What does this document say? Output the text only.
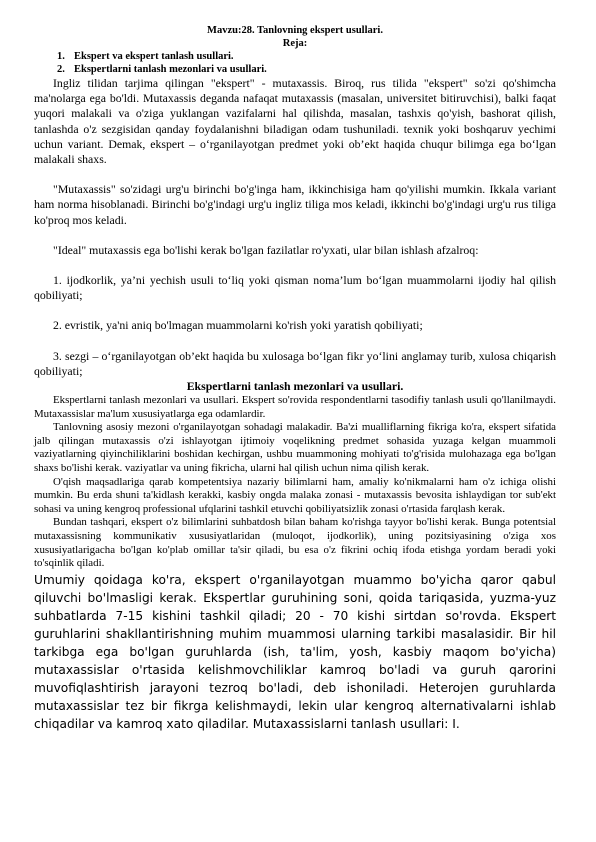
Mavzu:28. Tanlovning ekspert usullari.
Reja:
1. Ekspert va ekspert tanlash usullari.
2. Ekspertlarni tanlash mezonlari va usullari.

Ingliz tilidan tarjima qilingan "ekspert" - mutaxassis. Biroq, rus tilida "ekspert" so'zi qo'shimcha ma'nolarga ega bo'ldi. Mutaxassis deganda nafaqat mutaxassis (masalan, universitet bitiruvchisi), balki faqat yuqori malakali va o'ziga yuklangan vazifalarni hal qilishda, masalan, tashxis qo'yish, bashorat qilish, tanlashda o'z sezgisidan qanday foydalanishni biladigan odam tushuniladi. texnik yoki boshqaruv yechimi uchun variant. Demak, ekspert – o‘rganilayotgan predmet yoki ob’ekt haqida chuqur bilimga ega bo‘lgan malakali shaxs.

"Mutaxassis" so'zidagi urg'u birinchi bo'g'inga ham, ikkinchisiga ham qo'yilishi mumkin. Ikkala variant ham norma hisoblanadi. Birinchi bo'g'indagi urg'u ingliz tiliga mos keladi, ikkinchi bo'g'indagi urg'u rus tiliga ko'proq mos keladi.

"Ideal" mutaxassis ega bo'lishi kerak bo'lgan fazilatlar ro'yxati, ular bilan ishlash afzalroq:

1. ijodkorlik, ya’ni yechish usuli to‘liq yoki qisman noma’lum bo‘lgan muammolarni ijodiy hal qilish qobiliyati;

2. evristik, ya'ni aniq bo'lmagan muammolarni ko'rish yoki yaratish qobiliyati;

3. sezgi – o‘rganilayotgan ob’ekt haqida bu xulosaga bo‘lgan fikr yo‘lini anglamay turib, xulosa chiqarish qobiliyati;

Ekspertlarni tanlash mezonlari va usullari.

Ekspertlarni tanlash mezonlari va usullari. Ekspert so'rovida respondentlarni tasodifiy tanlash usuli qo'llanilmaydi. Mutaxassislar ma'lum xususiyatlarga ega odamlardir.

Tanlovning asosiy mezoni o'rganilayotgan sohadagi malakadir. Ba'zi mualliflarning fikriga ko'ra, ekspert sifatida jalb qilingan mutaxassis o'zi ishlayotgan ijtimoiy voqelikning predmet sohasida yuzaga kelgan muammoli vaziyatlarning qiyinchiliklarini boshidan kechirgan, ushbu muammoning mohiyati to'g'risida mulohazaga ega bo'lgan shaxs bo'lishi kerak. vaziyatlar va uning fikricha, ularni hal qilish uchun nima qilish kerak.

O'qish maqsadlariga qarab kompetentsiya nazariy bilimlarni ham, amaliy ko'nikmalarni ham o'z ichiga olishi mumkin. Bu erda shuni ta'kidlash kerakki, kasbiy ongda malaka zonasi - mutaxassis bevosita ishlaydigan tor sub'ekt sohasi va uning kengroq professional ufqlarini tashkil etuvchi qobiliyatsizlik zonasi o'rtasida farqlash kerak.

Bundan tashqari, ekspert o'z bilimlarini suhbatdosh bilan baham ko'rishga tayyor bo'lishi kerak. Bunga potentsial mutaxassisning kommunikativ xususiyatlaridan (muloqot, ijodkorlik), uning pozitsiyasining o'ziga xos xususiyatlarigacha bo'lgan ko'plab omillar ta'sir qiladi, bu esa o'z fikrini ochiq ifoda etishga yordam beradi yoki to'sqinlik qiladi.

Umumiy qoidaga ko'ra, ekspert o'rganilayotgan muammo bo'yicha qaror qabul qiluvchi bo'lmasligi kerak. Ekspertlar guruhining soni, qoida tariqasida, yuzma-yuz suhbatlarda 7-15 kishini tashkil qiladi; 20 - 70 kishi sirtdan so'rovda. Ekspert guruhlarini shakllantirishning muhim muammosi ularning tarkibi masalasidir. Bir hil tarkibga ega bo'lgan guruhlarda (ish, ta'lim, yosh, kasbiy maqom bo'yicha) mutaxassislar o'rtasida kelishmovchiliklar kamroq bo'ladi va guruh qarorini muvofiqlashtirish jarayoni tezroq bo'ladi, deb ishoniladi. Heterojen guruhlarda mutaxassislar tez bir fikrga kelishmaydi, lekin ular kengroq alternativalarni ishlab chiqadilar va kamroq xato qiladilar. Mutaxassislarni tanlash usullari: I.
